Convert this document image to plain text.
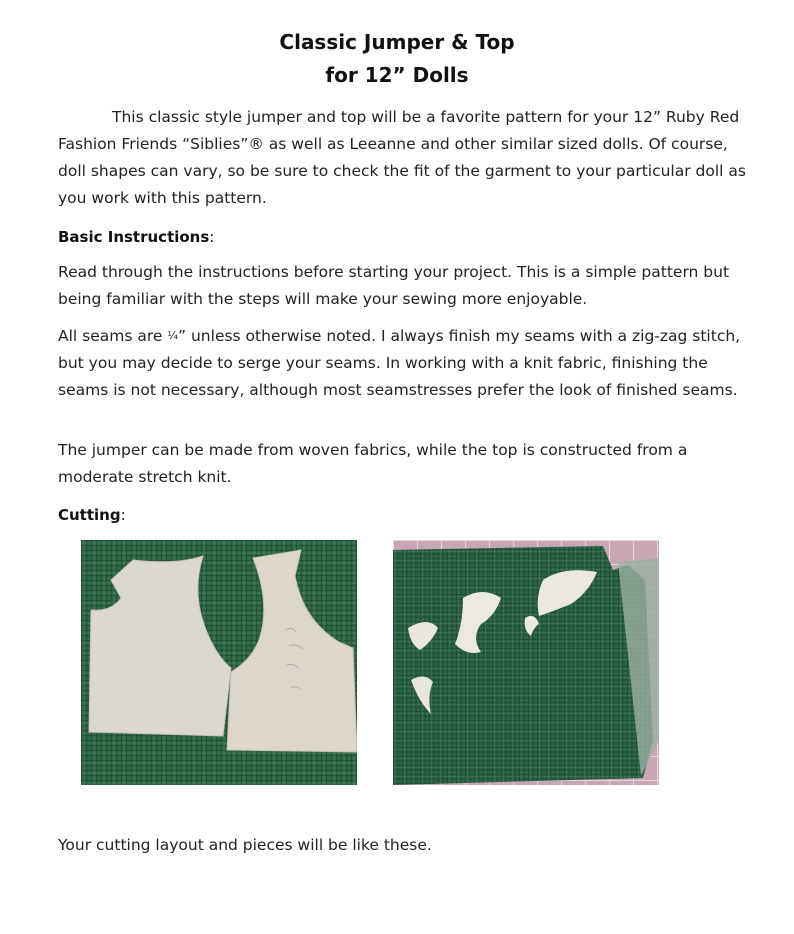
Classic Jumper & Top
for 12” Dolls

This classic style jumper and top will be a favorite pattern for your 12” Ruby Red Fashion Friends “Siblies”® as well as Leeanne and other similar sized dolls. Of course, doll shapes can vary, so be sure to check the fit of the garment to your particular doll as you work with this pattern.

Basic Instructions:

Read through the instructions before starting your project. This is a simple pattern but being familiar with the steps will make your sewing more enjoyable.

All seams are ¼” unless otherwise noted. I always finish my seams with a zig-zag stitch, but you may decide to serge your seams. In working with a knit fabric, finishing the seams is not necessary, although most seamstresses prefer the look of finished seams.

The jumper can be made from woven fabrics, while the top is constructed from a moderate stretch knit.

Cutting:

Your cutting layout and pieces will be like these.
